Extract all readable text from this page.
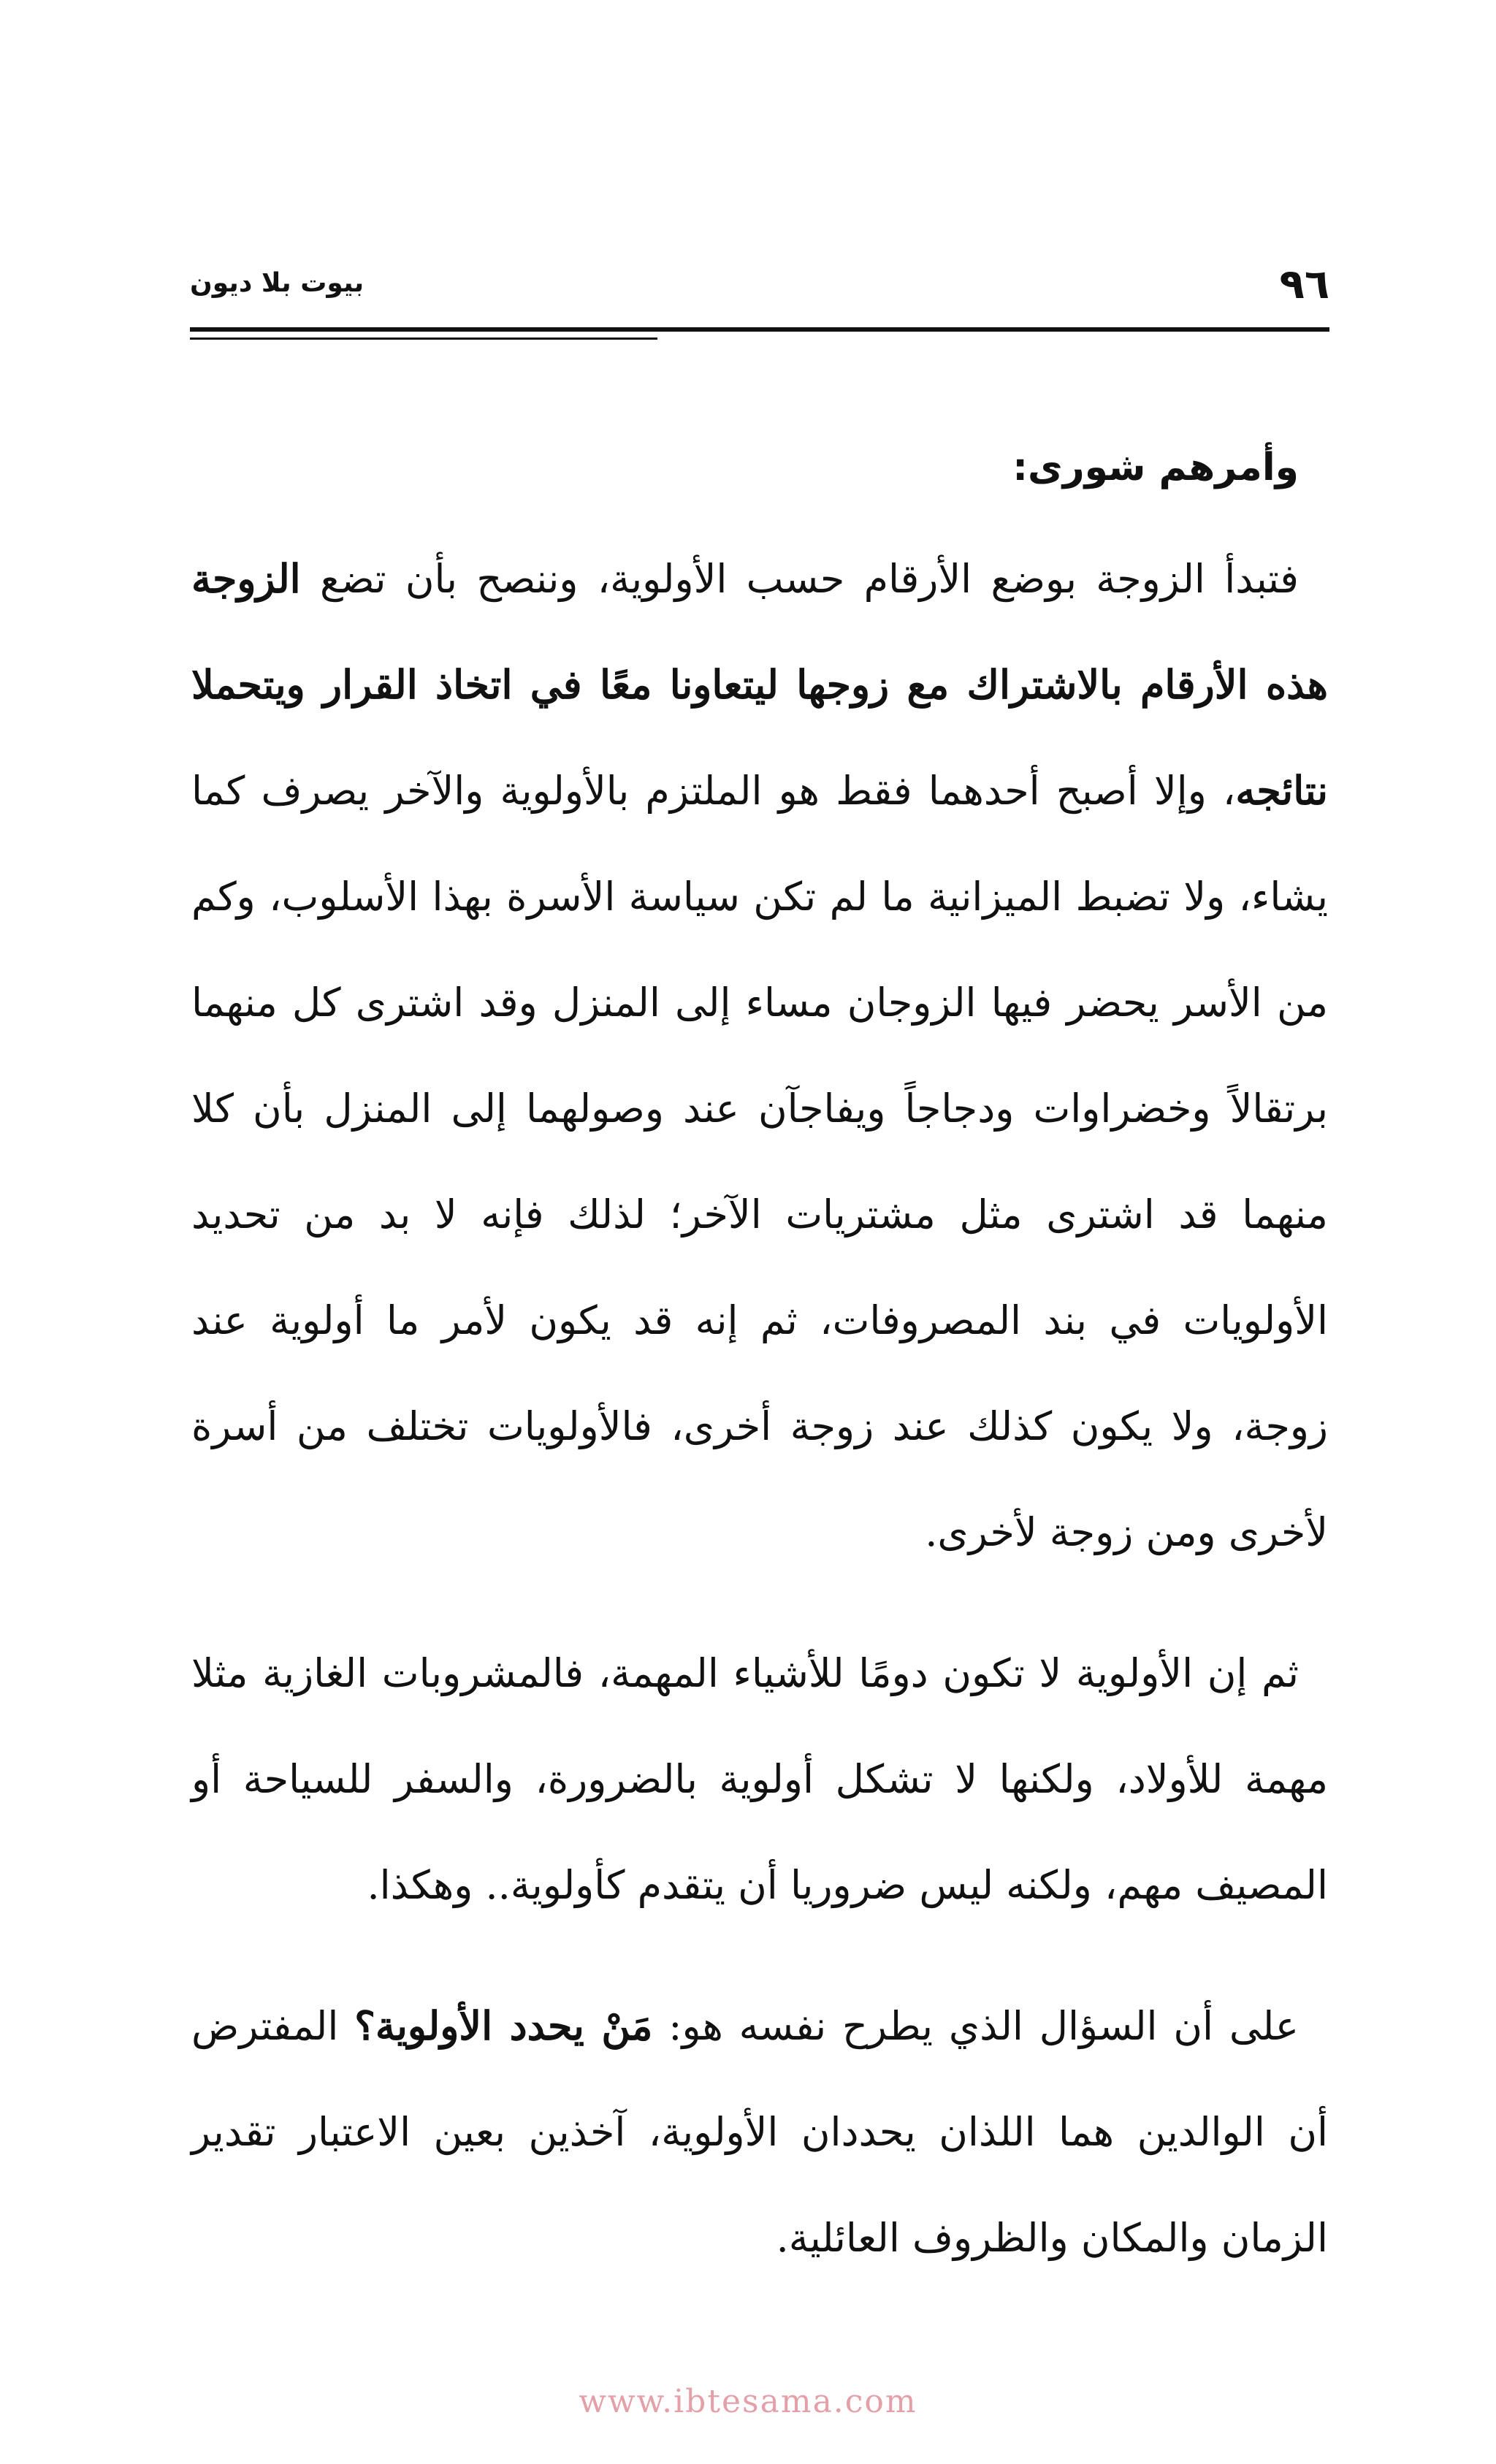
٩٦
بيوت بلا ديون
وأمرهم شورى:

فتبدأ الزوجة بوضع الأرقام حسب الأولوية، وننصح بأن تضع الزوجة هذه الأرقام بالاشتراك مع زوجها ليتعاونا معًا في اتخاذ القرار ويتحملا نتائجه، وإلا أصبح أحدهما فقط هو الملتزم بالأولوية والآخر يصرف كما يشاء، ولا تضبط الميزانية ما لم تكن سياسة الأسرة بهذا الأسلوب، وكم من الأسر يحضر فيها الزوجان مساء إلى المنزل وقد اشترى كل منهما برتقالاً وخضراوات ودجاجاً ويفاجآن عند وصولهما إلى المنزل بأن كلا منهما قد اشترى مثل مشتريات الآخر؛ لذلك فإنه لا بد من تحديد الأولويات في بند المصروفات، ثم إنه قد يكون لأمر ما أولوية عند زوجة، ولا يكون كذلك عند زوجة أخرى، فالأولويات تختلف من أسرة لأخرى ومن زوجة لأخرى.

ثم إن الأولوية لا تكون دومًا للأشياء المهمة، فالمشروبات الغازية مثلا مهمة للأولاد، ولكنها لا تشكل أولوية بالضرورة، والسفر للسياحة أو المصيف مهم، ولكنه ليس ضروريا أن يتقدم كأولوية.. وهكذا.

على أن السؤال الذي يطرح نفسه هو: مَنْ يحدد الأولوية؟ المفترض أن الوالدين هما اللذان يحددان الأولوية، آخذين بعين الاعتبار تقدير الزمان والمكان والظروف العائلية.

www.ibtesama.com
